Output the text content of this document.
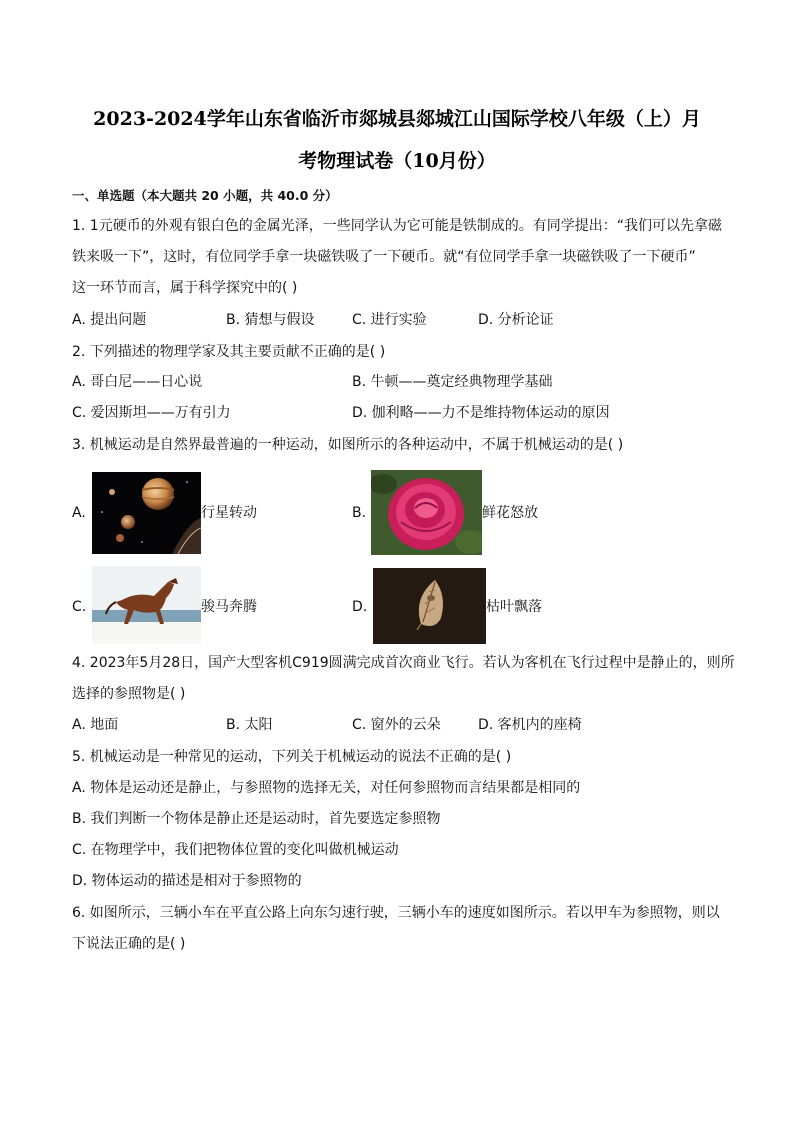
2023-2024学年山东省临沂市郯城县郯城江山国际学校八年级（上）月
考物理试卷（10月份）
一、单选题（本大题共 20 小题，共 40.0 分）
1. 1元硬币的外观有银白色的金属光泽，一些同学认为它可能是铁制成的。有同学提出：“我们可以先拿磁
铁来吸一下”，这时，有位同学手拿一块磁铁吸了一下硬币。就“有位同学手拿一块磁铁吸了一下硬币”
这一环节而言，属于科学探究中的( )
A. 提出问题	B. 猜想与假设	C. 进行实验	D. 分析论证
2. 下列描述的物理学家及其主要贡献不正确的是( )
A. 哥白尼——日心说	B. 牛顿——奠定经典物理学基础
C. 爱因斯坦——万有引力	D. 伽利略——力不是维持物体运动的原因
3. 机械运动是自然界最普遍的一种运动，如图所示的各种运动中，不属于机械运动的是( )
A.	行星转动	B.	鲜花怒放
C.	骏马奔腾	D.	枯叶飘落
4. 2023年5月28日，国产大型客机C919圆满完成首次商业飞行。若认为客机在飞行过程中是静止的，则所
选择的参照物是( )
A. 地面	B. 太阳	C. 窗外的云朵	D. 客机内的座椅
5. 机械运动是一种常见的运动，下列关于机械运动的说法不正确的是( )
A. 物体是运动还是静止，与参照物的选择无关，对任何参照物而言结果都是相同的
B. 我们判断一个物体是静止还是运动时，首先要选定参照物
C. 在物理学中，我们把物体位置的变化叫做机械运动
D. 物体运动的描述是相对于参照物的
6. 如图所示，三辆小车在平直公路上向东匀速行驶，三辆小车的速度如图所示。若以甲车为参照物，则以
下说法正确的是( )
